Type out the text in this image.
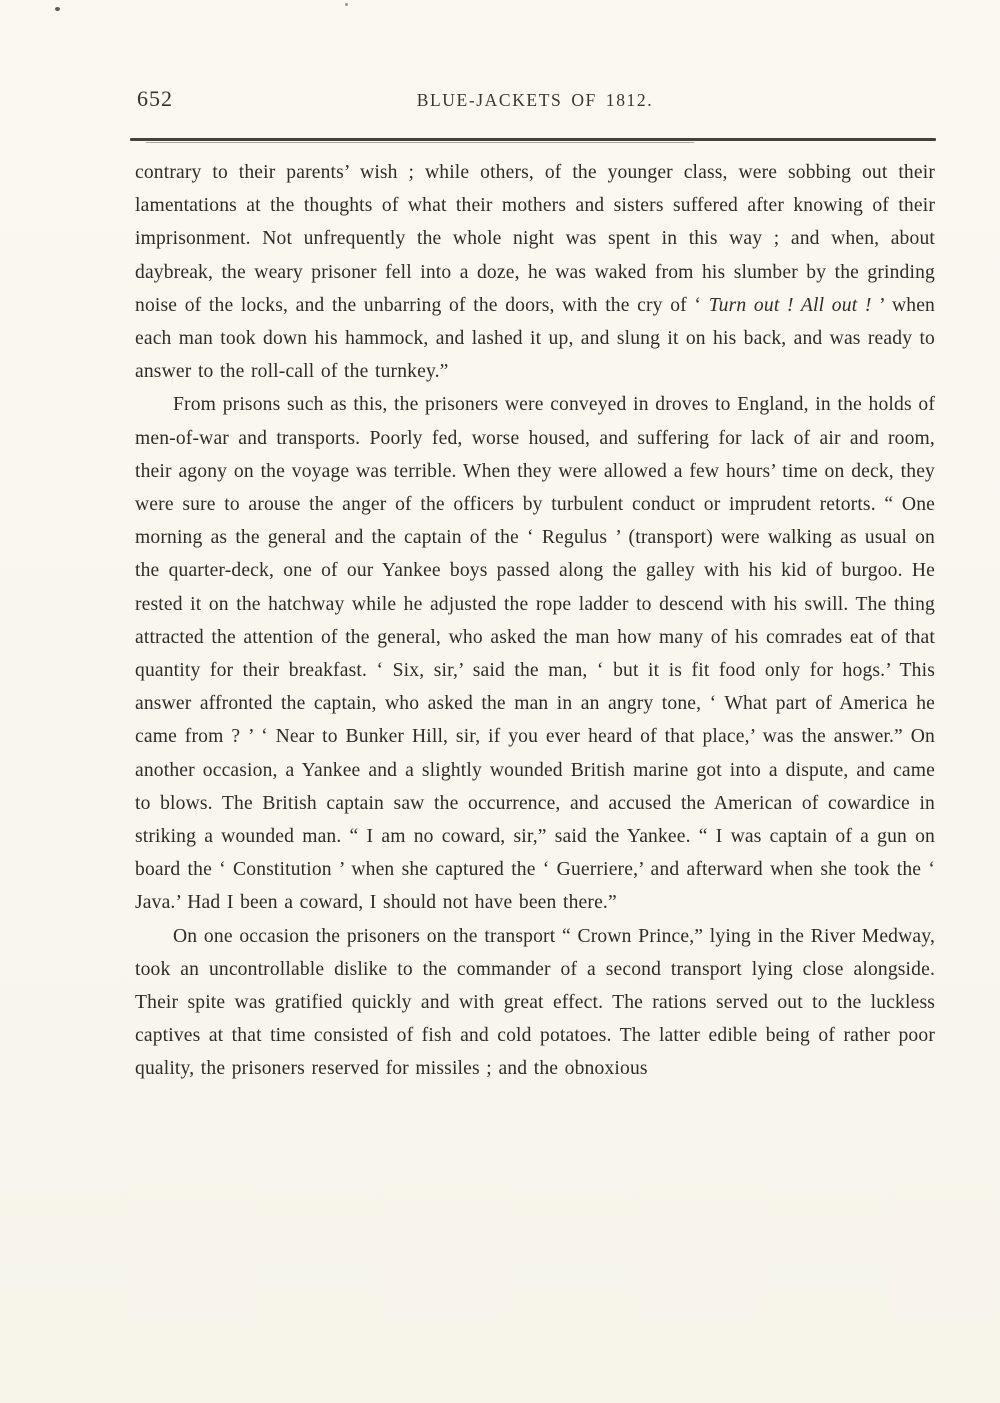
652	BLUE-JACKETS OF 1812.

contrary to their parents’ wish ; while others, of the younger class, were sobbing out their lamentations at the thoughts of what their mothers and sisters suffered after knowing of their imprisonment. Not unfrequently the whole night was spent in this way ; and when, about daybreak, the weary prisoner fell into a doze, he was waked from his slumber by the grinding noise of the locks, and the unbarring of the doors, with the cry of ‘ Turn out ! All out ! ’ when each man took down his hammock, and lashed it up, and slung it on his back, and was ready to answer to the roll-call of the turnkey.”

From prisons such as this, the prisoners were conveyed in droves to England, in the holds of men-of-war and transports. Poorly fed, worse housed, and suffering for lack of air and room, their agony on the voyage was terrible. When they were allowed a few hours’ time on deck, they were sure to arouse the anger of the officers by turbulent conduct or imprudent retorts. “ One morning as the general and the captain of the ‘ Regulus ’ (transport) were walking as usual on the quarter-deck, one of our Yankee boys passed along the galley with his kid of burgoo. He rested it on the hatchway while he adjusted the rope ladder to descend with his swill. The thing attracted the attention of the general, who asked the man how many of his comrades eat of that quantity for their breakfast. ‘ Six, sir,’ said the man, ‘ but it is fit food only for hogs.’ This answer affronted the captain, who asked the man in an angry tone, ‘ What part of America he came from ? ’ ‘ Near to Bunker Hill, sir, if you ever heard of that place,’ was the answer.” On another occasion, a Yankee and a slightly wounded British marine got into a dispute, and came to blows. The British captain saw the occurrence, and accused the American of cowardice in striking a wounded man. “ I am no coward, sir,” said the Yankee. “ I was captain of a gun on board the ‘ Constitution ’ when she captured the ‘ Guerriere,’ and afterward when she took the ‘ Java.’ Had I been a coward, I should not have been there.”

On one occasion the prisoners on the transport “ Crown Prince,” lying in the River Medway, took an uncontrollable dislike to the commander of a second transport lying close alongside. Their spite was gratified quickly and with great effect. The rations served out to the luckless captives at that time consisted of fish and cold potatoes. The latter edible being of rather poor quality, the prisoners reserved for missiles ; and the obnoxious
